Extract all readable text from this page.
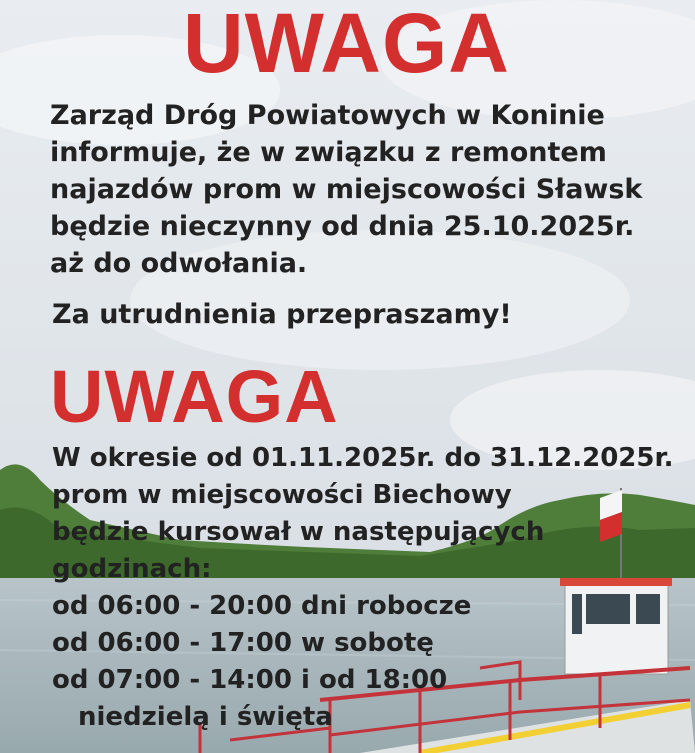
UWAGA
Zarząd Dróg Powiatowych w Koninie
informuje, że w związku z remontem
najazdów prom w miejscowości Sławsk
będzie nieczynny od dnia 25.10.2025r.
aż do odwołania.
Za utrudnienia przepraszamy!
UWAGA
W okresie od 01.11.2025r. do 31.12.2025r.
prom w miejscowości Biechowy
będzie kursował w następujących
godzinach:
od 06:00 - 20:00 dni robocze
od 06:00 - 17:00 w sobotę
od 07:00 - 14:00 i od 18:00
niedzielą i święta
